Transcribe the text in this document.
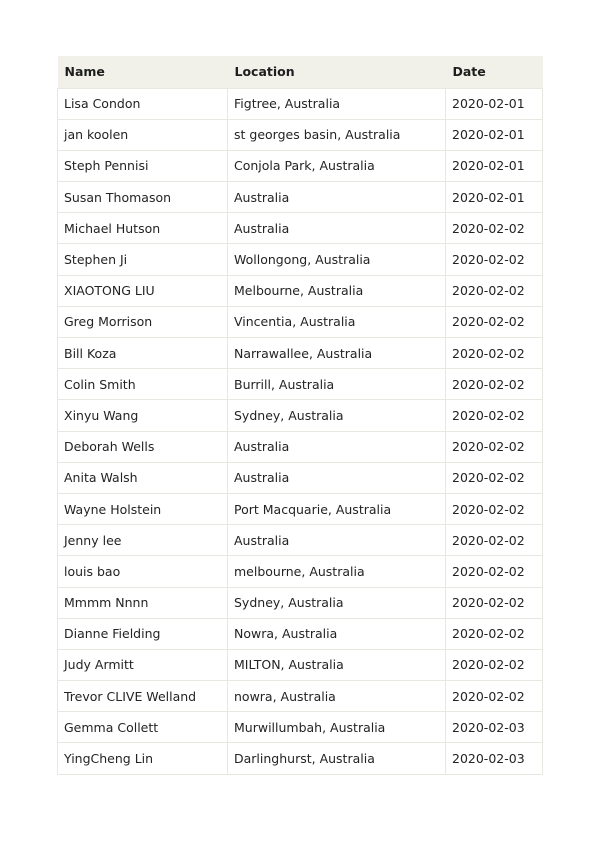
Name	Location	Date
Lisa Condon	Figtree, Australia	2020-02-01
jan koolen	st georges basin, Australia	2020-02-01
Steph Pennisi	Conjola Park, Australia	2020-02-01
Susan Thomason	Australia	2020-02-01
Michael Hutson	Australia	2020-02-02
Stephen Ji	Wollongong, Australia	2020-02-02
XIAOTONG LIU	Melbourne, Australia	2020-02-02
Greg Morrison	Vincentia, Australia	2020-02-02
Bill Koza	Narrawallee, Australia	2020-02-02
Colin Smith	Burrill, Australia	2020-02-02
Xinyu Wang	Sydney, Australia	2020-02-02
Deborah Wells	Australia	2020-02-02
Anita Walsh	Australia	2020-02-02
Wayne Holstein	Port Macquarie, Australia	2020-02-02
Jenny lee	Australia	2020-02-02
louis bao	melbourne, Australia	2020-02-02
Mmmm Nnnn	Sydney, Australia	2020-02-02
Dianne Fielding	Nowra, Australia	2020-02-02
Judy Armitt	MILTON, Australia	2020-02-02
Trevor CLIVE Welland	nowra, Australia	2020-02-02
Gemma Collett	Murwillumbah, Australia	2020-02-03
YingCheng Lin	Darlinghurst, Australia	2020-02-03
